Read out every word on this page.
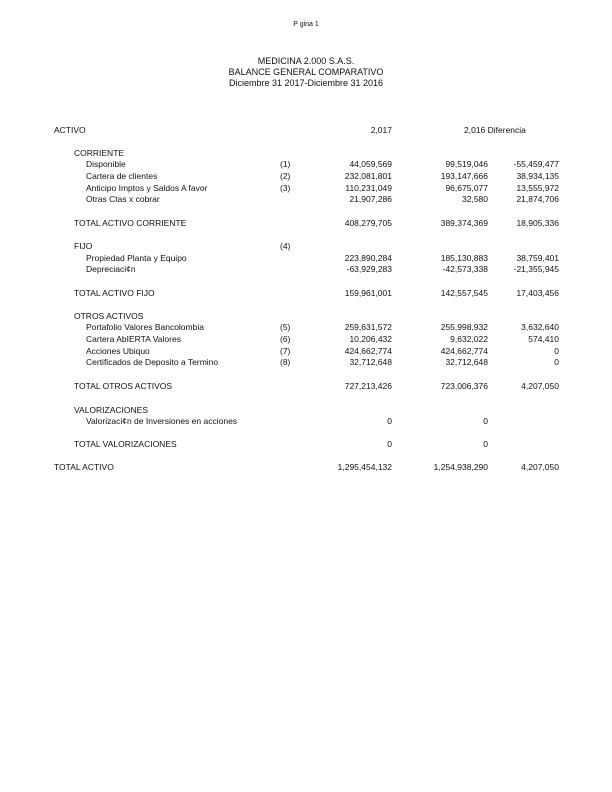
P gina 1
MEDICINA 2.000 S.A.S.
BALANCE GENERAL COMPARATIVO
Diciembre 31 2017-Diciembre 31 2016
ACTIVO	2,017	2,016 Diferencia
CORRIENTE
Disponible	(1)	44,059,569	99,519,046	-55,459,477
Cartera de clientes	(2)	232,081,801	193,147,666	38,934,135
Anticipo Imptos y Saldos A favor	(3)	110,231,049	96,675,077	13,555,972
Otras Ctas x cobrar	21,907,286	32,580	21,874,706
TOTAL ACTIVO CORRIENTE	408,279,705	389,374,369	18,905,336
FIJO	(4)
Propiedad Planta y Equipo	223,890,284	185,130,883	38,759,401
Depreciaci¢n	-63,929,283	-42,573,338	-21,355,945
TOTAL ACTIVO FIJO	159,961,001	142,557,545	17,403,456
OTROS ACTIVOS
Portafolio Valores Bancolombia	(5)	259,631,572	255,998,932	3,632,640
Cartera AbIERTA Valores	(6)	10,206,432	9,632,022	574,410
Acciones Ubiquo	(7)	424,662,774	424,662,774	0
Certificados de Deposito a Termino	(8)	32,712,648	32,712,648	0
TOTAL OTROS ACTIVOS	727,213,426	723,006,376	4,207,050
VALORIZACIONES
Valorizaci¢n de Inversiones en acciones	0	0
TOTAL VALORIZACIONES	0	0
TOTAL ACTIVO	1,295,454,132	1,254,938,290	4,207,050
